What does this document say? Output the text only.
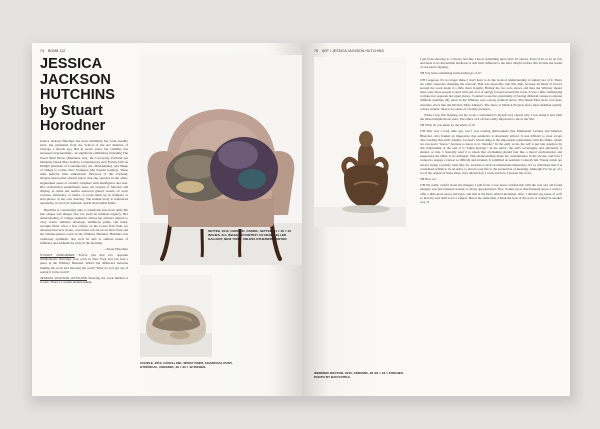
74 BOMB 112
JESSICA
JACKSON
HUTCHINS
by Stuart
Horodner

Jessica Jackson Hutchins has been exhibiting her work steadily since she graduated from the School of the Art Institute of Chicago a decade ago. But in recent years, her visibility has increased exponentially—in significant exhibitions including The Wood Bald Horse (Marianne Arts, the Corcoran), Portland Art Museum, Derek Eller Gallery, Contemporary Arts Forum, Dirt on Delight (Institute of Contemporary Art, Philadelphia), and Shape of Things to Come: New Sculpture (the Saatchi Gallery). These titles indicate what enthusiastic followers of this Portland, Oregon-based artist already know: that she operates in the often-stigmatized arena of ceramic sculpture with intelligence and zeal. Her orchestrated assemblages tease out notions of function and display, as when she nestles awkward glazed vessels on worn couches, armchairs, or tables, or props them up on bumpers or lean photos of her own dancing. The human body is referenced repeatedly, in all of its domestic charm and painful habits.

Hutchins is consistently able to transform data from daily life into shapes and images that can yield an intimate urgency. Her understanding of collage aesthetics allows her abstract objects to carry scales, intimate drawings, ambitious prints, and hand-wrought films. Over a few coffees on the Lower East Side, we discussed her new recent, concurrent solo shows in New York and her Obama-pasted couch in the Whitney Biennial. Hutchins was cautiously optimistic that we'd be able to address issues of influence and authenticity early in the morning.

—Stuart Horodner

STUART HORODNER You've just had two opposite simultaneous showings your work in New York and you had a piece in the Whitney Biennial. What's the difference between making the work and showing the work? What do you get out of seeing it in the world?

JESSICA JACKSON HUTCHINS Showing the work finishes it for me. There's a certain understanding

SETTEE, 2010, CERAMIC, FABRIC, SETTEE, 21 × 46 × 19 INCHES. ALL IMAGES COURTESY OF DEREK ELLER GALLERY, NEW YORK, UNLESS OTHERWISE NOTED.
COUPLE, 2010, COUCH, INK, SPRAY PAINT, CHARCOAL DUST, HYDROCAL, CERAMIC, 49 × 30 × 42 INCHES.
75 ART / JESSICA JACKSON HUTCHINS
WEDDING DOCTOR, 2010, CERAMIC, 28 3/4 × 18 × 8 INCHES. PHOTO BY DAN KVITKA.

I get from showing it. I always feel like I know something more after it's shown. Even if it's at an art fair and there is no discernible feedback, it still feels different to me after. Maybe before that it's like the sound of one hand clapping.

SH You learn something in the letting go of it?

JJH I suppose. It's no longer mine. I don't have to do the work of understanding it, taking care of it. There are other observers changing the artwork. This was especially true this time, because all kinds of factors around the work made it a little more fraught. Having the two solo shows and then the Whitney meant there were more people to deal with and a lot of energy focused around the work. It was a little challenging to make two separate but equal shows. I wanted to use the opportunity of having different venues to expand different qualities. My piece in the Whitney was a pretty political move. The Derek Eller show was more narrative, more like the Kitchen Table Allegory. The show at Small A Projects had a more distilled quality, a more earnest, there is no sense of a bodily presence.

When I was first figuring out my work, I articulated to myself very clearly why I was doing it and what the ethical implications were. The ethics of it all was really important to me in the '90s.

SH What do you mean by the ethics of it?

JJH This was a long time ago, but I was reading philosophers like Emmanuel Levinas and Maurice Blanchot, who framed an imperative that aesthetics is absolutely ethical. It was difficult to even accept after reading that stuff, frankly. Levinas's whole thing is the impossible relationship with the Other, whom we can never "know," because to know is to "murder." In the early work, the self is put into question by this relationship at the end, it is "taken hostage." In the ethics, the self's sovereignty and autonomy is denied, or risk. I basically read it to mean that art-making should feel like a moral confrontation and suppresses the Other to its demands. This understanding made my consideration of the viewer, and how I wanted to engage a viewer so difficult and strained. It solidified an aesthetic I already felt. Young artists are always trying to justify what they do, and this is such an unfortunate imperative. It's so ridiculous that it is considered selfish to be an artist, to devote your life to the production of meaning. Although I've let go of a lot of the origins of these ideas, they inform how I work and how I present my work.

SH How so?

JJH I'm really careful about the imagery I pull from. I was never comfortable with the way any old found imagery was just fastened around, so many appropriation. Plus, it takes up so much mental space. I want to offer a little more space and rigor, and that is the more ethical invitation. Also, I distrust any sense of craft so that my own skill is not a subject. But at the same time, I think the look of the worn or worked is another way of
